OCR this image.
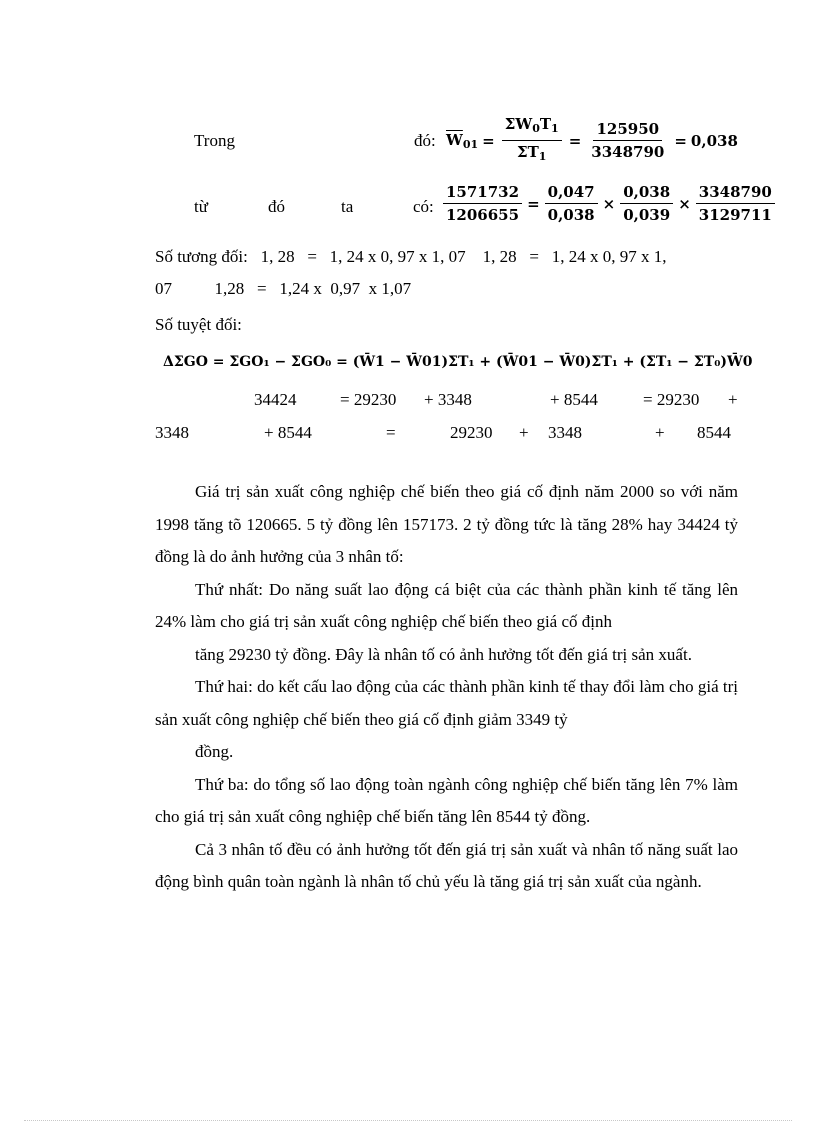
Trong	đó: $\overline{W}_{01} = \frac{\Sigma W_0T_1}{\Sigma T_1} = \frac{125950}{3348790} = 0,038$
từ	đó	ta	có: $\frac{1571732}{1206655} = \frac{0,047}{0,038} \times \frac{0,038}{0,039} \times \frac{3348790}{3129711}$
Số tương đối:   1, 28   =   1, 24 x 0, 97 x 1, 07    1, 28   =   1, 24 x 0, 97 x 1,
07          1,28   =   1,24 x  0,97  x 1,07
Số tuyệt đối:
ΔΣGO = ΣGO₁ − ΣGO₀ = (W̄1 − W̄01)ΣT₁ + (W̄01 − W̄0)ΣT₁ + (ΣT₁ − ΣT₀)W̄0
34424	= 29230 + 3348	+ 8544	= 29230 +
3348	+ 8544	=	29230 + 3348	+ 8544

Giá trị sản xuất công nghiệp chế biến theo giá cố định năm 2000 so với năm 1998 tăng tõ 120665. 5 tỷ đồng lên 157173. 2 tỷ đồng tức là tăng 28% hay 34424 tỷ đồng là do ảnh hưởng của 3 nhân tố:

Thứ nhất: Do năng suất lao động cá biệt của các thành phần kinh tế tăng lên 24% làm cho giá trị sản xuất công nghiệp chế biến theo giá cố định

tăng 29230 tỷ đồng. Đây là nhân tố có ảnh hưởng tốt đến giá trị sản xuất.

Thứ hai: do kết cấu lao động của các thành phần kinh tế thay đổi làm cho giá trị sản xuất công nghiệp chế biến theo giá cố định giảm 3349 tỷ

đồng.

Thứ ba: do tổng số lao động toàn ngành công nghiệp chế biến tăng lên 7% làm cho giá trị sản xuất công nghiệp chế biến tăng lên 8544 tỷ đồng.

Cả 3 nhân tố đều có ảnh hưởng tốt đến giá trị sản xuất và nhân tố năng suất lao động bình quân toàn ngành là nhân tố chủ yếu là tăng giá trị sản xuất của ngành.
